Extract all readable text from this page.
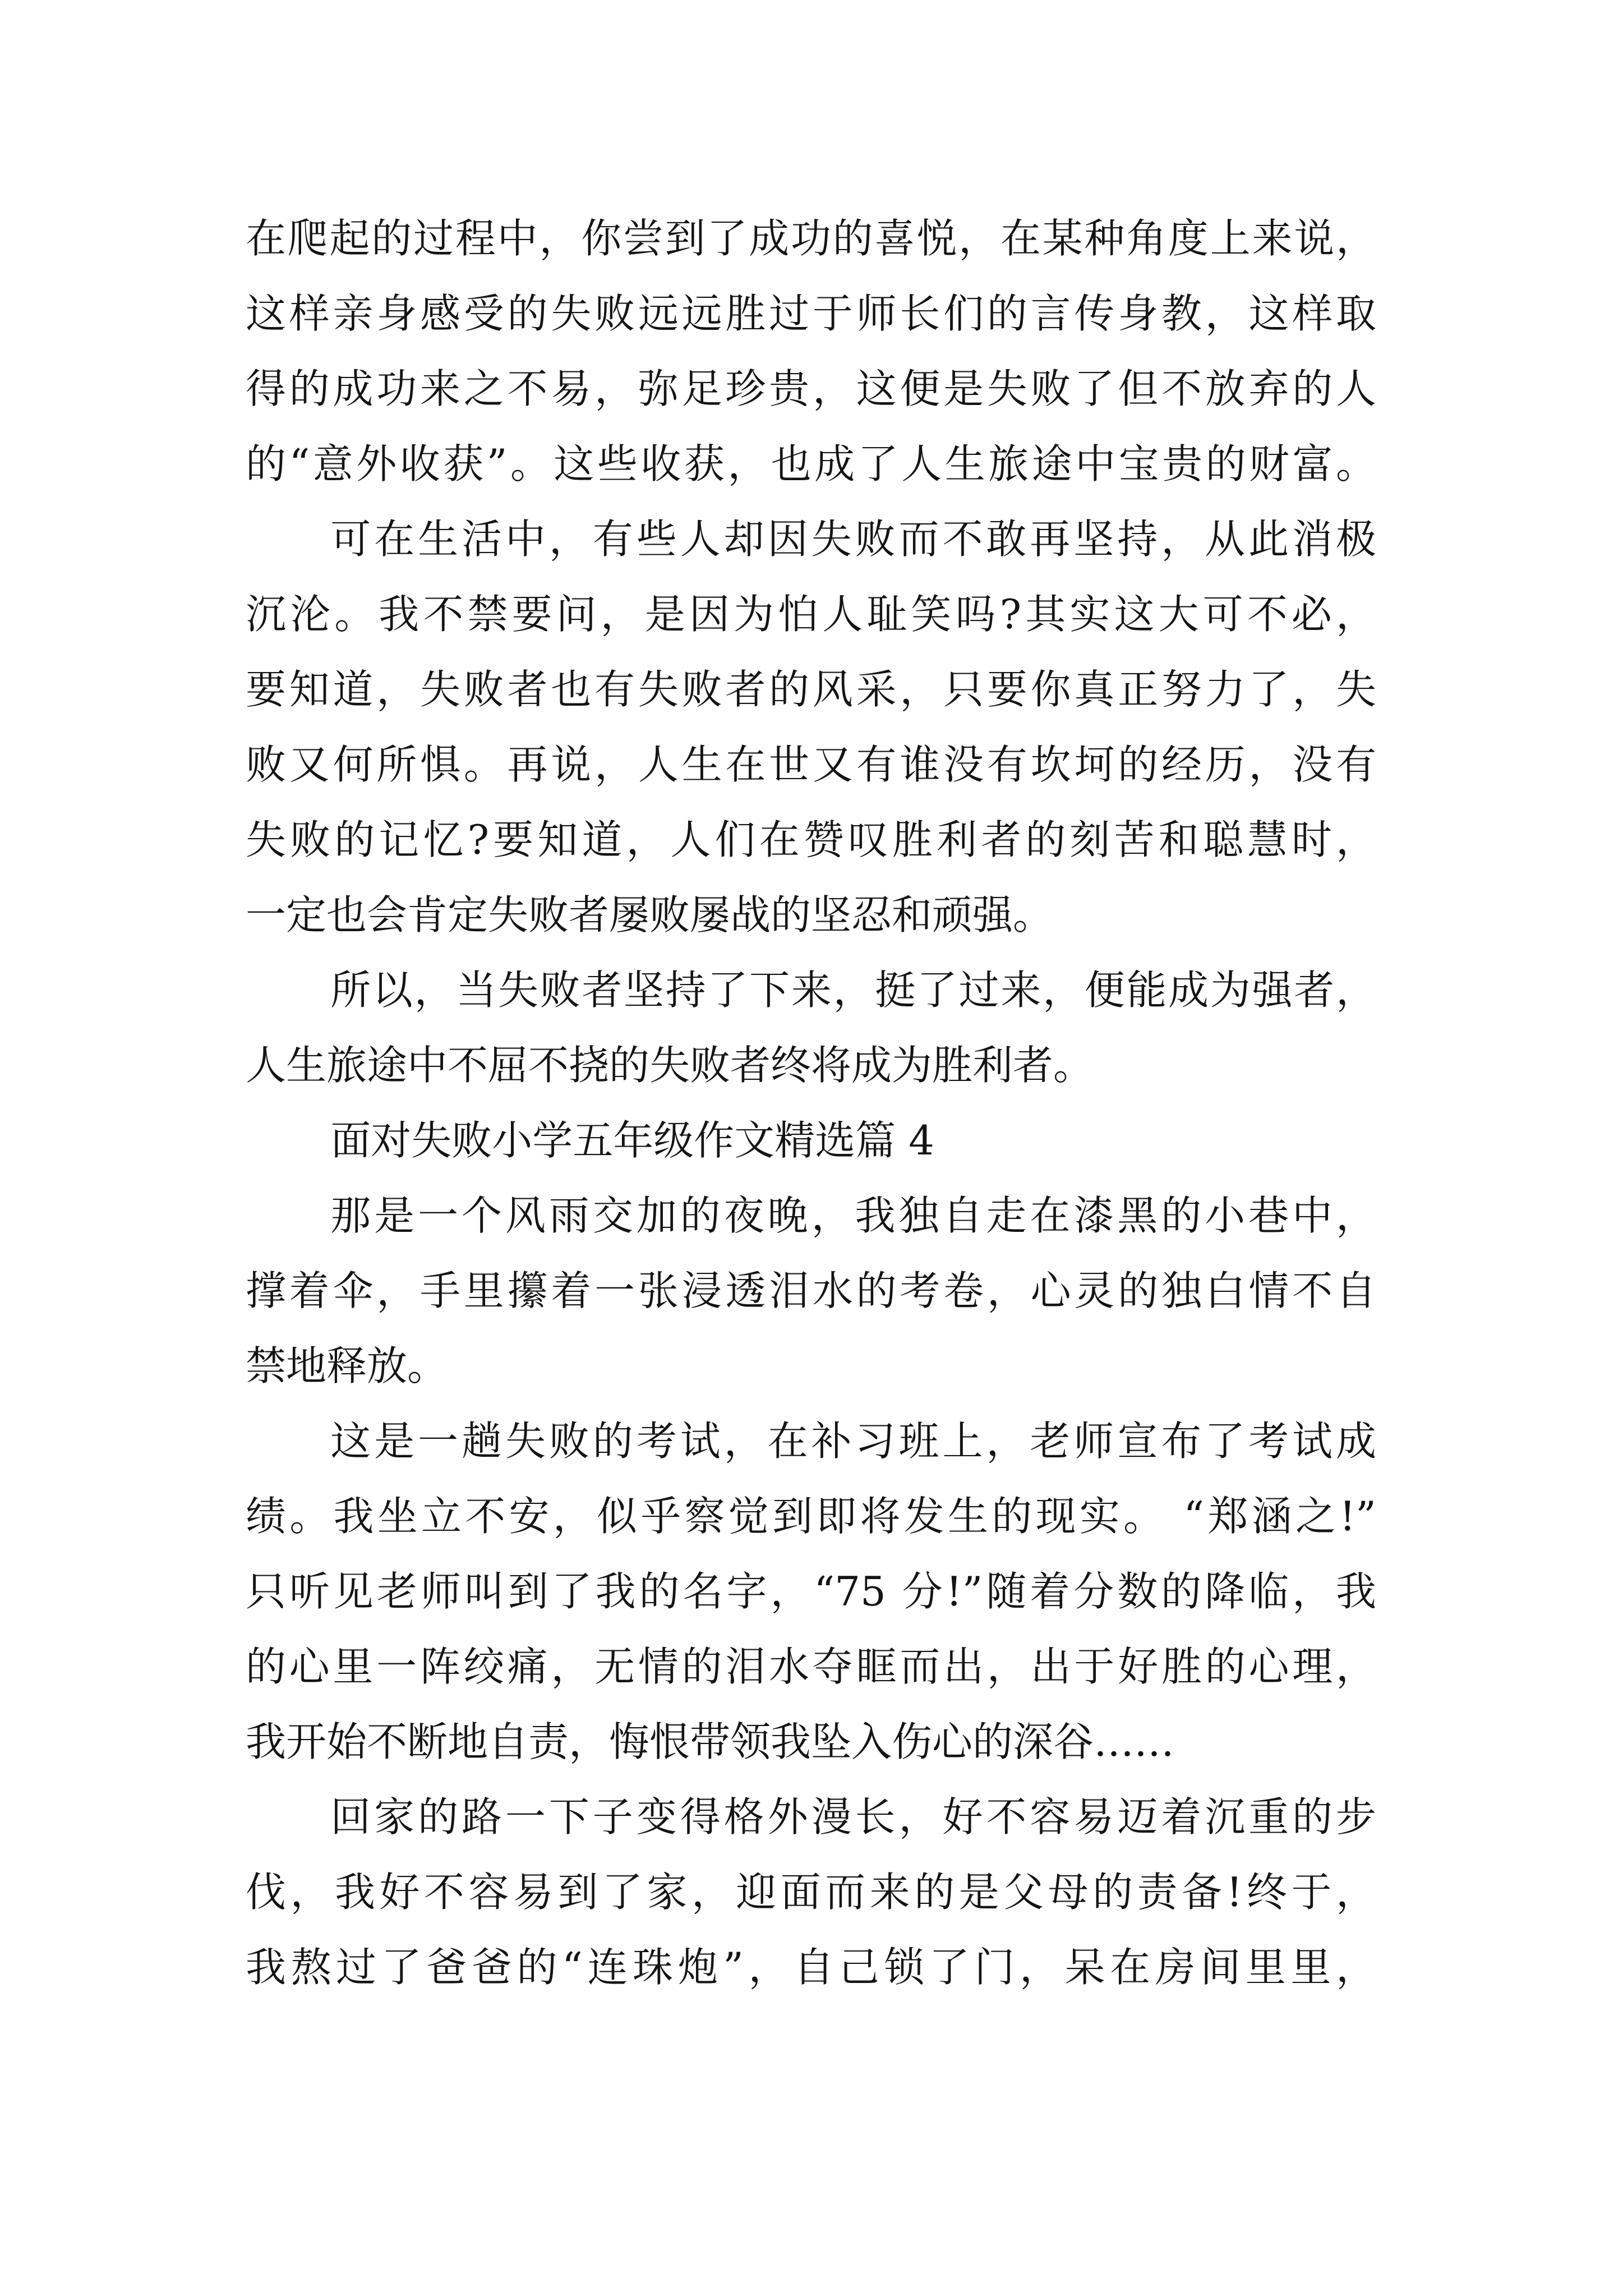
在爬起的过程中，你尝到了成功的喜悦，在某种角度上来说，
这样亲身感受的失败远远胜过于师长们的言传身教，这样取
得的成功来之不易，弥足珍贵，这便是失败了但不放弃的人
的“意外收获”。这些收获，也成了人生旅途中宝贵的财富。
可在生活中，有些人却因失败而不敢再坚持，从此消极
沉沦。我不禁要问，是因为怕人耻笑吗?其实这大可不必，
要知道，失败者也有失败者的风采，只要你真正努力了，失
败又何所惧。再说，人生在世又有谁没有坎坷的经历，没有
失败的记忆?要知道，人们在赞叹胜利者的刻苦和聪慧时，
一定也会肯定失败者屡败屡战的坚忍和顽强。
所以，当失败者坚持了下来，挺了过来，便能成为强者，
人生旅途中不屈不挠的失败者终将成为胜利者。
面对失败小学五年级作文精选篇 4
那是一个风雨交加的夜晚，我独自走在漆黑的小巷中，
撑着伞，手里攥着一张浸透泪水的考卷，心灵的独白情不自
禁地释放。
这是一趟失败的考试，在补习班上，老师宣布了考试成
绩。我坐立不安，似乎察觉到即将发生的现实。 “郑涵之!”
只听见老师叫到了我的名字，“75 分!”随着分数的降临，我
的心里一阵绞痛，无情的泪水夺眶而出，出于好胜的心理，
我开始不断地自责，悔恨带领我坠入伤心的深谷……
回家的路一下子变得格外漫长，好不容易迈着沉重的步
伐，我好不容易到了家，迎面而来的是父母的责备!终于，
我熬过了爸爸的“连珠炮”，自己锁了门，呆在房间里里，
